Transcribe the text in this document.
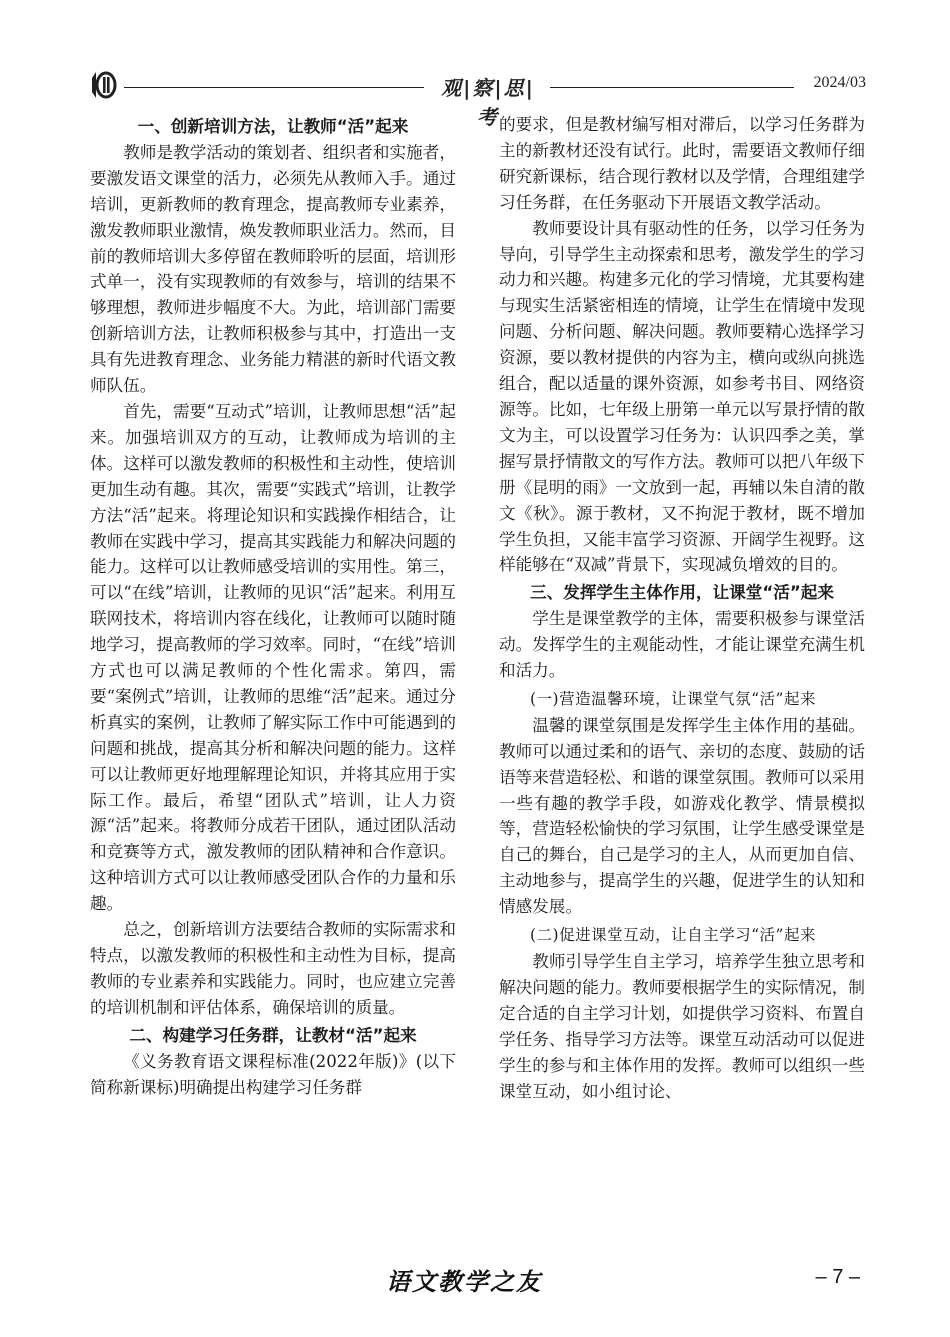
观|察|思|考
2024/03
一、创新培训方法，让教师“活”起来

教师是教学活动的策划者、组织者和实施者，要激发语文课堂的活力，必须先从教师入手。通过培训，更新教师的教育理念，提高教师专业素养，激发教师职业激情，焕发教师职业活力。然而，目前的教师培训大多停留在教师聆听的层面，培训形式单一，没有实现教师的有效参与，培训的结果不够理想，教师进步幅度不大。为此，培训部门需要创新培训方法，让教师积极参与其中，打造出一支具有先进教育理念、业务能力精湛的新时代语文教师队伍。

首先，需要“互动式”培训，让教师思想“活”起来。加强培训双方的互动，让教师成为培训的主体。这样可以激发教师的积极性和主动性，使培训更加生动有趣。其次，需要“实践式”培训，让教学方法“活”起来。将理论知识和实践操作相结合，让教师在实践中学习，提高其实践能力和解决问题的能力。这样可以让教师感受培训的实用性。第三，可以“在线”培训，让教师的见识“活”起来。利用互联网技术，将培训内容在线化，让教师可以随时随地学习，提高教师的学习效率。同时，“在线”培训方式也可以满足教师的个性化需求。第四，需要“案例式”培训，让教师的思维“活”起来。通过分析真实的案例，让教师了解实际工作中可能遇到的问题和挑战，提高其分析和解决问题的能力。这样可以让教师更好地理解理论知识，并将其应用于实际工作。最后，希望“团队式”培训，让人力资源“活”起来。将教师分成若干团队，通过团队活动和竞赛等方式，激发教师的团队精神和合作意识。这种培训方式可以让教师感受团队合作的力量和乐趣。

总之，创新培训方法要结合教师的实际需求和特点，以激发教师的积极性和主动性为目标，提高教师的专业素养和实践能力。同时，也应建立完善的培训机制和评估体系，确保培训的质量。

二、构建学习任务群，让教材“活”起来

《义务教育语文课程标准(2022年版)》(以下简称新课标)明确提出构建学习任务群

的要求，但是教材编写相对滞后，以学习任务群为主的新教材还没有试行。此时，需要语文教师仔细研究新课标，结合现行教材以及学情，合理组建学习任务群，在任务驱动下开展语文教学活动。

教师要设计具有驱动性的任务，以学习任务为导向，引导学生主动探索和思考，激发学生的学习动力和兴趣。构建多元化的学习情境，尤其要构建与现实生活紧密相连的情境，让学生在情境中发现问题、分析问题、解决问题。教师要精心选择学习资源，要以教材提供的内容为主，横向或纵向挑选组合，配以适量的课外资源，如参考书目、网络资源等。比如，七年级上册第一单元以写景抒情的散文为主，可以设置学习任务为：认识四季之美，掌握写景抒情散文的写作方法。教师可以把八年级下册《昆明的雨》一文放到一起，再辅以朱自清的散文《秋》。源于教材，又不拘泥于教材，既不增加学生负担，又能丰富学习资源、开阔学生视野。这样能够在“双减”背景下，实现减负增效的目的。

三、发挥学生主体作用，让课堂“活”起来

学生是课堂教学的主体，需要积极参与课堂活动。发挥学生的主观能动性，才能让课堂充满生机和活力。

(一)营造温馨环境，让课堂气氛“活”起来

温馨的课堂氛围是发挥学生主体作用的基础。教师可以通过柔和的语气、亲切的态度、鼓励的话语等来营造轻松、和谐的课堂氛围。教师可以采用一些有趣的教学手段，如游戏化教学、情景模拟等，营造轻松愉快的学习氛围，让学生感受课堂是自己的舞台，自己是学习的主人，从而更加自信、主动地参与，提高学生的兴趣，促进学生的认知和情感发展。

(二)促进课堂互动，让自主学习“活”起来

教师引导学生自主学习，培养学生独立思考和解决问题的能力。教师要根据学生的实际情况，制定合适的自主学习计划，如提供学习资料、布置自学任务、指导学习方法等。课堂互动活动可以促进学生的参与和主体作用的发挥。教师可以组织一些课堂互动，如小组讨论、

语文教学之友	– 7 –
